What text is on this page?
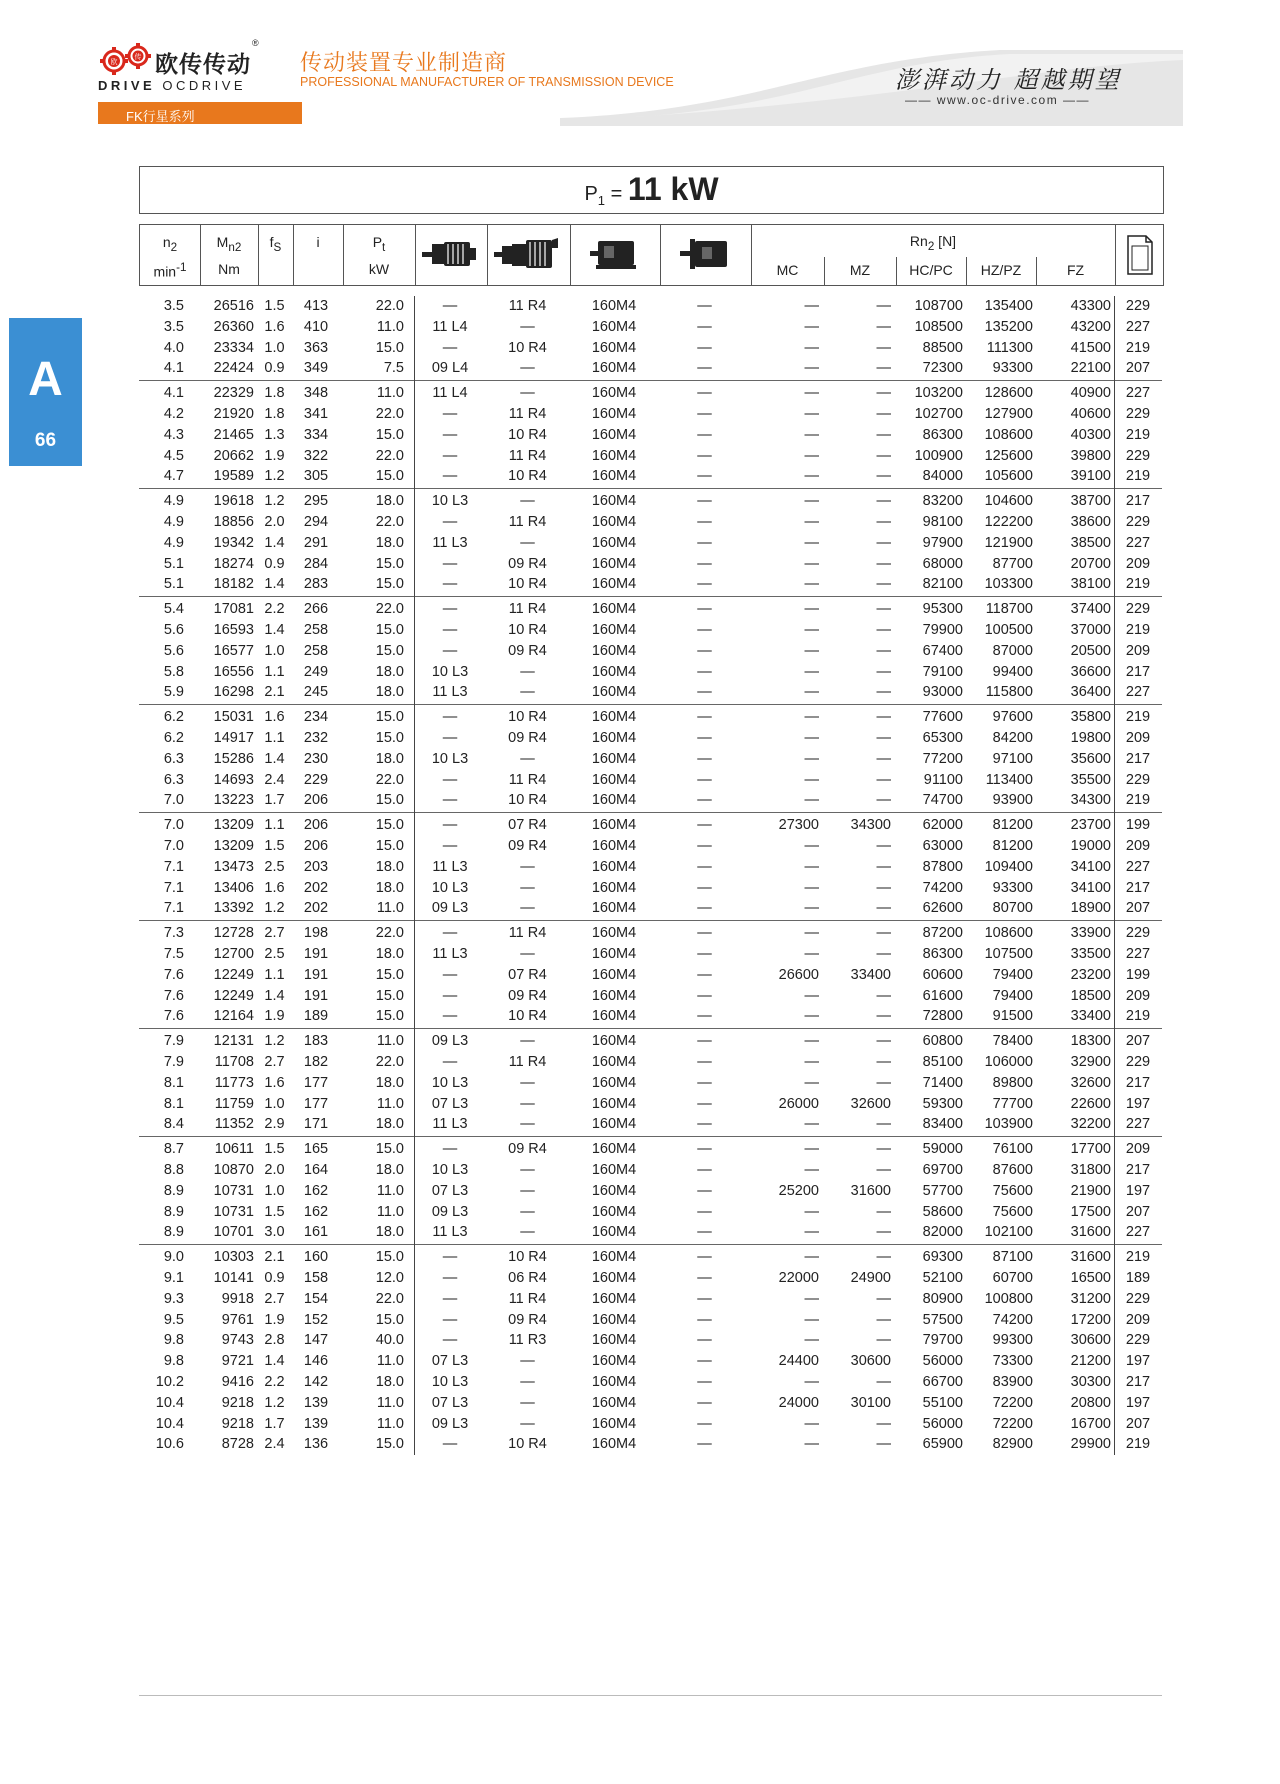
欧
传
®
欧传传动
DRIVE OCDRIVE
传动装置专业制造商
PROFESSIONAL MANUFACTURER OF TRANSMISSION DEVICE	澎湃动力 超越期望
—— www.oc-drive.com ——
FK行星系列
A
66
$P_1 = 11$ kW
$n_2$
$\min^{-1}$
$M_{n2}$
Nm
$f_S$	i	$P_t$
kW
$Rn_2$ [N]
MC	MZ	HC/PC	HZ/PZ	FZ
3.5	26516 1.5	413	22.0	—	11 R4	160M4	—	—	—	108700	135400	43300	229
3.5	26360 1.6	410	11.0	11 L4	—	160M4	—	—	—	108500	135200	43200	227
4.0	23334 1.0	363	15.0	—	10 R4	160M4	—	—	—	88500	111300	41500	219
4.1	22424 0.9	349	7.5	09 L4	—	160M4	—	—	—	72300	93300	22100	207
4.1	22329 1.8	348	11.0	11 L4	—	160M4	—	—	—	103200	128600	40900	227
4.2	21920 1.8	341	22.0	—	11 R4	160M4	—	—	—	102700	127900	40600	229
4.3	21465 1.3	334	15.0	—	10 R4	160M4	—	—	—	86300	108600	40300	219
4.5	20662 1.9	322	22.0	—	11 R4	160M4	—	—	—	100900	125600	39800	229
4.7	19589 1.2	305	15.0	—	10 R4	160M4	—	—	—	84000	105600	39100	219
4.9	19618 1.2	295	18.0	10 L3	—	160M4	—	—	—	83200	104600	38700	217
4.9	18856 2.0	294	22.0	—	11 R4	160M4	—	—	—	98100	122200	38600	229
4.9	19342 1.4	291	18.0	11 L3	—	160M4	—	—	—	97900	121900	38500	227
5.1	18274 0.9	284	15.0	—	09 R4	160M4	—	—	—	68000	87700	20700	209
5.1	18182 1.4	283	15.0	—	10 R4	160M4	—	—	—	82100	103300	38100	219
5.4	17081 2.2	266	22.0	—	11 R4	160M4	—	—	—	95300	118700	37400	229
5.6	16593 1.4	258	15.0	—	10 R4	160M4	—	—	—	79900	100500	37000	219
5.6	16577 1.0	258	15.0	—	09 R4	160M4	—	—	—	67400	87000	20500	209
5.8	16556 1.1	249	18.0	10 L3	—	160M4	—	—	—	79100	99400	36600	217
5.9	16298 2.1	245	18.0	11 L3	—	160M4	—	—	—	93000	115800	36400	227
6.2	15031 1.6	234	15.0	—	10 R4	160M4	—	—	—	77600	97600	35800	219
6.2	14917 1.1	232	15.0	—	09 R4	160M4	—	—	—	65300	84200	19800	209
6.3	15286 1.4	230	18.0	10 L3	—	160M4	—	—	—	77200	97100	35600	217
6.3	14693 2.4	229	22.0	—	11 R4	160M4	—	—	—	91100	113400	35500	229
7.0	13223 1.7	206	15.0	—	10 R4	160M4	—	—	—	74700	93900	34300	219
7.0	13209 1.1	206	15.0	—	07 R4	160M4	—	27300	34300	62000	81200	23700	199
7.0	13209 1.5	206	15.0	—	09 R4	160M4	—	—	—	63000	81200	19000	209
7.1	13473 2.5	203	18.0	11 L3	—	160M4	—	—	—	87800	109400	34100	227
7.1	13406 1.6	202	18.0	10 L3	—	160M4	—	—	—	74200	93300	34100	217
7.1	13392 1.2	202	11.0	09 L3	—	160M4	—	—	—	62600	80700	18900	207
7.3	12728 2.7	198	22.0	—	11 R4	160M4	—	—	—	87200	108600	33900	229
7.5	12700 2.5	191	18.0	11 L3	—	160M4	—	—	—	86300	107500	33500	227
7.6	12249 1.1	191	15.0	—	07 R4	160M4	—	26600	33400	60600	79400	23200	199
7.6	12249 1.4	191	15.0	—	09 R4	160M4	—	—	—	61600	79400	18500	209
7.6	12164 1.9	189	15.0	—	10 R4	160M4	—	—	—	72800	91500	33400	219
7.9	12131 1.2	183	11.0	09 L3	—	160M4	—	—	—	60800	78400	18300	207
7.9	11708 2.7	182	22.0	—	11 R4	160M4	—	—	—	85100	106000	32900	229
8.1	11773 1.6	177	18.0	10 L3	—	160M4	—	—	—	71400	89800	32600	217
8.1	11759 1.0	177	11.0	07 L3	—	160M4	—	26000	32600	59300	77700	22600	197
8.4	11352 2.9	171	18.0	11 L3	—	160M4	—	—	—	83400	103900	32200	227
8.7	10611 1.5	165	15.0	—	09 R4	160M4	—	—	—	59000	76100	17700	209
8.8	10870 2.0	164	18.0	10 L3	—	160M4	—	—	—	69700	87600	31800	217
8.9	10731 1.0	162	11.0	07 L3	—	160M4	—	25200	31600	57700	75600	21900	197
8.9	10731 1.5	162	11.0	09 L3	—	160M4	—	—	—	58600	75600	17500	207
8.9	10701 3.0	161	18.0	11 L3	—	160M4	—	—	—	82000	102100	31600	227
9.0	10303 2.1	160	15.0	—	10 R4	160M4	—	—	—	69300	87100	31600	219
9.1	10141 0.9	158	12.0	—	06 R4	160M4	—	22000	24900	52100	60700	16500	189
9.3	9918 2.7	154	22.0	—	11 R4	160M4	—	—	—	80900	100800	31200	229
9.5	9761 1.9	152	15.0	—	09 R4	160M4	—	—	—	57500	74200	17200	209
9.8	9743 2.8	147	40.0	—	11 R3	160M4	—	—	—	79700	99300	30600	229
9.8	9721 1.4	146	11.0	07 L3	—	160M4	—	24400	30600	56000	73300	21200	197
10.2	9416 2.2	142	18.0	10 L3	—	160M4	—	—	—	66700	83900	30300	217
10.4	9218 1.2	139	11.0	07 L3	—	160M4	—	24000	30100	55100	72200	20800	197
10.4	9218 1.7	139	11.0	09 L3	—	160M4	—	—	—	56000	72200	16700	207
10.6	8728 2.4	136	15.0	—	10 R4	160M4	—	—	—	65900	82900	29900	219
